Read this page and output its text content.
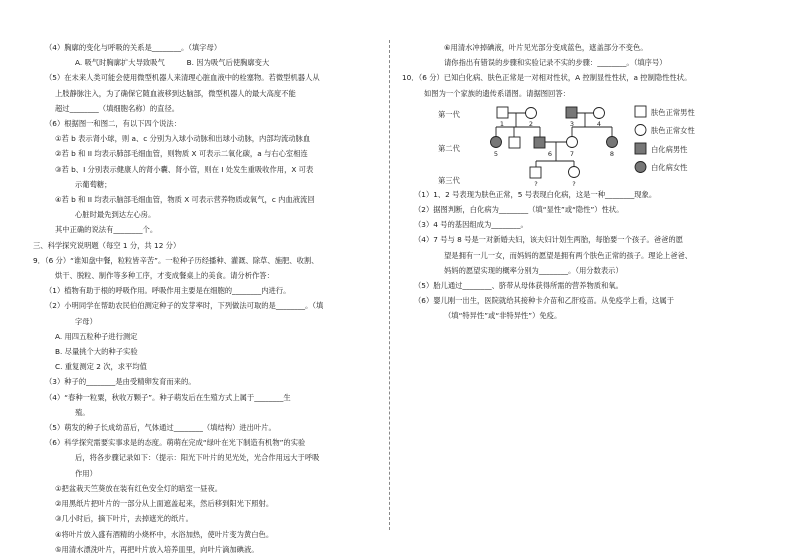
（4）胸廓的变化与呼吸的关系是________。（填字母）
A. 吸气时胸廓扩大导致吸气　　　B. 因为吸气后使胸廓变大
（5）在未来人类可能会使用微型机器人来清理心脏血液中的栓塞物。若微型机器人从
上肢静脉注入，为了确保它随血液移到达脑部，微型机器人的最大高度不能
超过________（填细胞名称）的直径。
（6）根据图一和图二，有以下四个说法：
①若 b 表示肾小球，则 a、c 分别为入球小动脉和出球小动脉，内部均流动脉血
②若 b 和 II 均表示肺部毛细血管，则物质 X 可表示二氧化碳，a 与右心室相连
③若 b、I 分别表示健康人的肾小囊、肾小管，则在 I 处发生重吸收作用，X 可表
示葡萄糖；
④若 b 和 II 均表示脑部毛细血管，物质 X 可表示营养物质或氧气，c 内血液流回
心脏时最先到达左心房。
其中正确的说法有________个。
三、科学探究说明题（每空 1 分，共 12 分）
9．（6 分）“谁知盘中餐，粒粒皆辛苦”。一粒种子历经播种、灌溉、除草、施肥、收割、
烘干、脱粒、制作等多种工序，才变成餐桌上的美食。请分析作答：
（1）植物有助于根的呼吸作用。呼吸作用主要是在细胞的________内进行。
（2）小明同学在帮助农民伯伯测定种子的发芽率时，下列做法可取的是________。（填
字母）
A. 用四五粒种子进行测定
B. 尽量挑个大的种子实验
C. 重复测定 2 次，求平均值
（3）种子的________是由受精卵发育而来的。
（4）“春种一粒粟，秋收万颗子”。种子萌发后在生殖方式上属于________生
殖。
（5）萌发的种子长成幼苗后，气体通过________（填结构）进出叶片。
（6）科学探究需要实事求是的态度。萌萌在完成“绿叶在光下制造有机物”的实验
后，将各步骤记录如下：（提示：阳光下叶片的见光处，光合作用远大于呼吸
作用）
①把盆栽天竺葵放在装有红色安全灯的暗室一昼夜。
②用黑纸片把叶片的一部分从上面遮盖起来，然后移到阳光下照射。
③几小时后，摘下叶片，去掉遮光的纸片。
④将叶片放入盛有酒精的小烧杯中，水浴加热，使叶片变为黄白色。
⑤用清水漂洗叶片，再把叶片放入培养皿里，向叶片滴加碘液。
⑥用清水冲掉碘液，叶片见光部分变成蓝色，遮盖部分不变色。
请你指出有错误的步骤和实验记录不实的步骤：________。（填序号）
10．（6 分）已知白化病、肤色正常是一对相对性状，A 控制显性性状，a 控制隐性性状。
如图为一个家族的遗传系谱图。请据图回答：
第一代
第二代
第三代
1	2	3	4
5	6	7	8
?	?
肤色正常男性
肤色正常女性
白化病男性
白化病女性
（1）1、2 号表现为肤色正常，5 号表现白化病，这是一种________现象。
（2）据图判断，白化病为________（填“显性”或“隐性”）性状。
（3）4 号的基因组成为________。
（4）7 号与 8 号是一对新婚夫妇，该夫妇计划生两胎，每胎要一个孩子。爸爸的愿
望是拥有一儿一女，而妈妈的愿望是拥有两个肤色正常的孩子。理论上爸爸、
妈妈的愿望实现的概率分别为________。（用分数表示）
（5）胎儿通过________、脐带从母体获得所需的营养物质和氧。
（6）婴儿刚一出生，医院就给其接种卡介苗和乙肝疫苗。从免疫学上看，这属于
（填“特异性”或“非特异性”）免疫。
